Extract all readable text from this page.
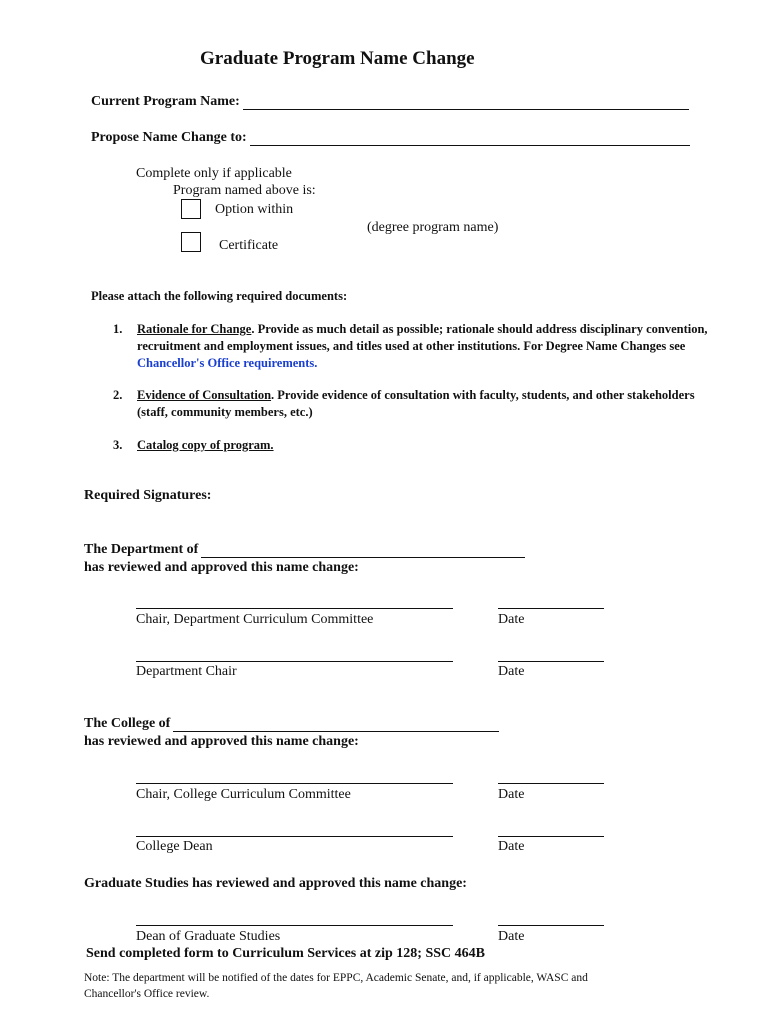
Graduate Program Name Change
Current Program Name:
Propose Name Change to:
Complete only if applicable
Program named above is:
Option within
(degree program name)
Certificate
Please attach the following required documents:
1. Rationale for Change. Provide as much detail as possible; rationale should address disciplinary convention, recruitment and employment issues, and titles used at other institutions. For Degree Name Changes see Chancellor's Office requirements.
2. Evidence of Consultation. Provide evidence of consultation with faculty, students, and other stakeholders (staff, community members, etc.)
3. Catalog copy of program.
Required Signatures:
The Department of
has reviewed and approved this name change:
Chair, Department Curriculum Committee	Date
Department Chair	Date
The College of
has reviewed and approved this name change:
Chair, College Curriculum Committee	Date
College Dean	Date
Graduate Studies has reviewed and approved this name change:
Dean of Graduate Studies	Date
Send completed form to Curriculum Services at zip 128; SSC 464B
Note: The department will be notified of the dates for EPPC, Academic Senate, and, if applicable, WASC and
Chancellor's Office review.
